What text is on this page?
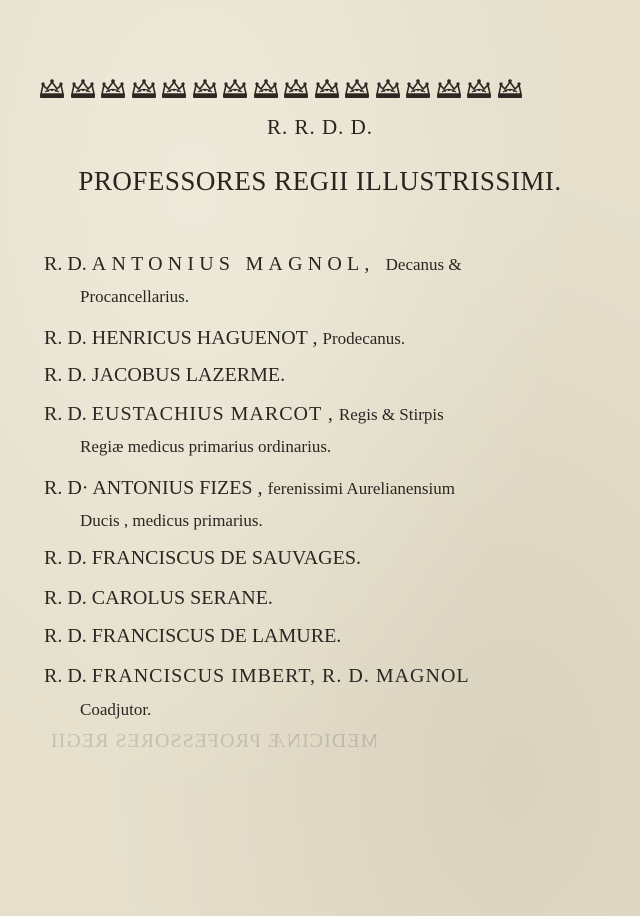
R. R. D. D.
PROFESSORES REGII ILLUSTRISSIMI.
R. D. ANTONIUS MAGNOL, Decanus &
Procancellarius.
R. D. HENRICUS HAGUENOT , Prodecanus.
R. D. JACOBUS LAZERME.
R. D. EUSTACHIUS MARCOT , Regis & Stirpis
Regiæ medicus primarius ordinarius.
R. D· ANTONIUS FIZES , ferenissimi Aurelianensium
Ducis , medicus primarius.
R. D. FRANCISCUS DE SAUVAGES.
R. D. CAROLUS SERANE.
R. D. FRANCISCUS DE LAMURE.
R. D. FRANCISCUS IMBERT, R. D. MAGNOL
Coadjutor.
MEDICINÆ PROFESSORES REGII
